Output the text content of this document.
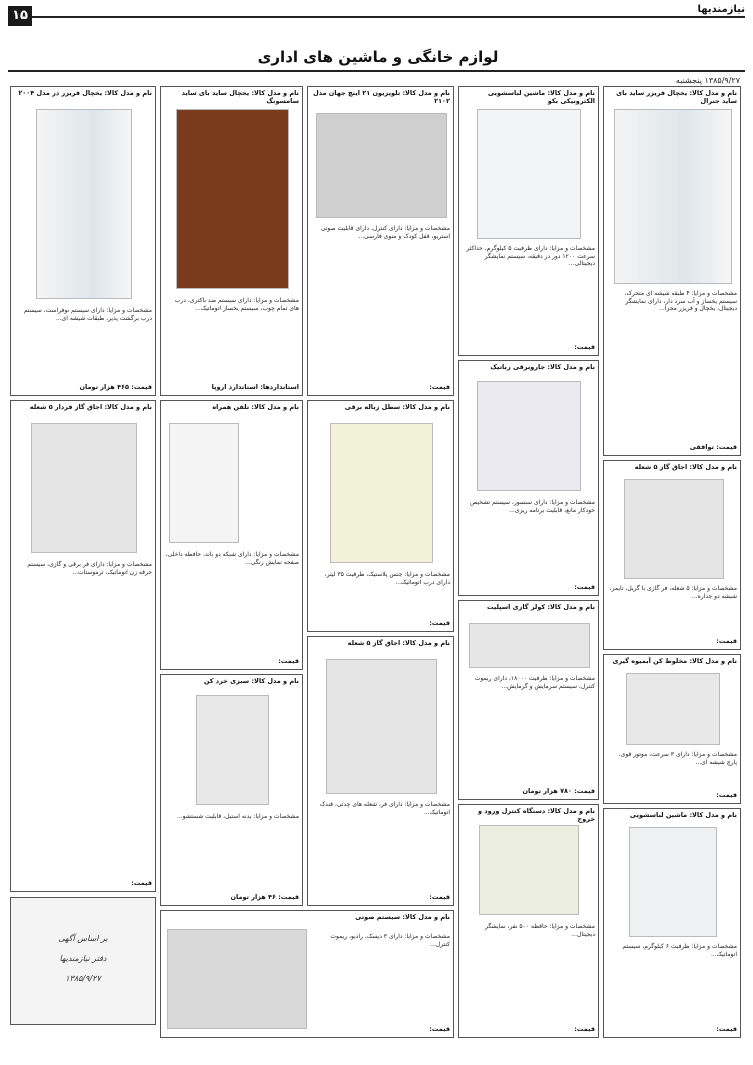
نیازمندیها
۱۵
لوازم خانگی و ماشین های اداری
۱۳۸۵/۹/۲۷ پنجشنبه
نام و مدل کالا: یخچال فریزر ساید بای ساید جنرال
مشخصات و مزایا: ۴ طبقه شیشه ای متحرک، سیستم یخساز و آب سرد دار، دارای نمایشگر دیجیتال، یخچال و فریزر مجزا...
قیمت: توافقی
نام و مدل کالا: اجاق گاز ۵ شعله
مشخصات و مزایا: ۵ شعله، فر گازی با گریل، تایمر، شیشه دو جداره...
قیمت:
نام و مدل کالا: مخلوط کن آبمیوه گیری
مشخصات و مزایا: دارای ۳ سرعت، موتور قوی، پارچ شیشه ای...
قیمت:
نام و مدل کالا: ماشین لباسشویی
مشخصات و مزایا: ظرفیت ۶ کیلوگرم، سیستم اتوماتیک...
قیمت:
نام و مدل کالا: ماشین لباسشویی الکترونیکی بکو
مشخصات و مزایا: دارای ظرفیت ۵ کیلوگرم، حداکثر سرعت ۱۲۰۰ دور در دقیقه، سیستم نمایشگر دیجیتالی...
قیمت:
نام و مدل کالا: جاروبرقی رباتیک
مشخصات و مزایا: دارای سنسور، سیستم تشخیص خودکار مانع، قابلیت برنامه ریزی...
قیمت:
نام و مدل کالا: کولر گازی اسپلیت
مشخصات و مزایا: ظرفیت ۱۸۰۰۰، دارای ریموت کنترل، سیستم سرمایش و گرمایش...
قیمت: ۷۸۰ هزار تومان
نام و مدل کالا: دستگاه کنترل ورود و خروج
مشخصات و مزایا: حافظه ۵۰۰ نفر، نمایشگر دیجیتال...
قیمت:
نام و مدل کالا: تلویزیون ۲۱ اینچ جهان مدل ۲۱۰۲
مشخصات و مزایا: دارای کنترل، دارای قابلیت صوتی استریو، قفل کودک و منوی فارسی...
قیمت:
نام و مدل کالا: سطل زباله برقی
مشخصات و مزایا: جنس پلاستیک، ظرفیت ۳۵ لیتر، دارای درب اتوماتیک...
قیمت:
نام و مدل کالا: اجاق گاز ۵ شعله
مشخصات و مزایا: دارای فر، شعله های چدنی، فندک اتوماتیک...
قیمت:
نام و مدل کالا: یخچال ساید بای ساید سامسونگ
مشخصات و مزایا: دارای سیستم ضد باکتری، درب های تمام چوب، سیستم یخساز اتوماتیک...
استانداردها: استاندارد اروپا
نام و مدل کالا: تلفن همراه
مشخصات و مزایا: دارای شبکه دو باند، حافظه داخلی، صفحه نمایش رنگی...
قیمت:
نام و مدل کالا: سبزی خرد کن
مشخصات و مزایا: بدنه استیل، قابلیت شستشو...
قیمت: ۴۶ هزار تومان
نام و مدل کالا: یخچال فریزر در مدل ۲۰۰۴
مشخصات و مزایا: دارای سیستم نوفراست، سیستم درب برگشت پذیر، طبقات شیشه ای...
قیمت: ۴۶۵ هزار تومان
نام و مدل کالا: اجاق گاز فردار ۵ شعله
مشخصات و مزایا: دارای فر برقی و گازی، سیستم جرقه زن اتوماتیک، ترموستات...
قیمت:
بر اساس آگهی
دفتر نیازمندیها
۱۳۸۵/۹/۲۷
نام و مدل کالا: سیستم صوتی
مشخصات و مزایا: دارای ۳ دیسک، رادیو، ریموت کنترل...
قیمت:
